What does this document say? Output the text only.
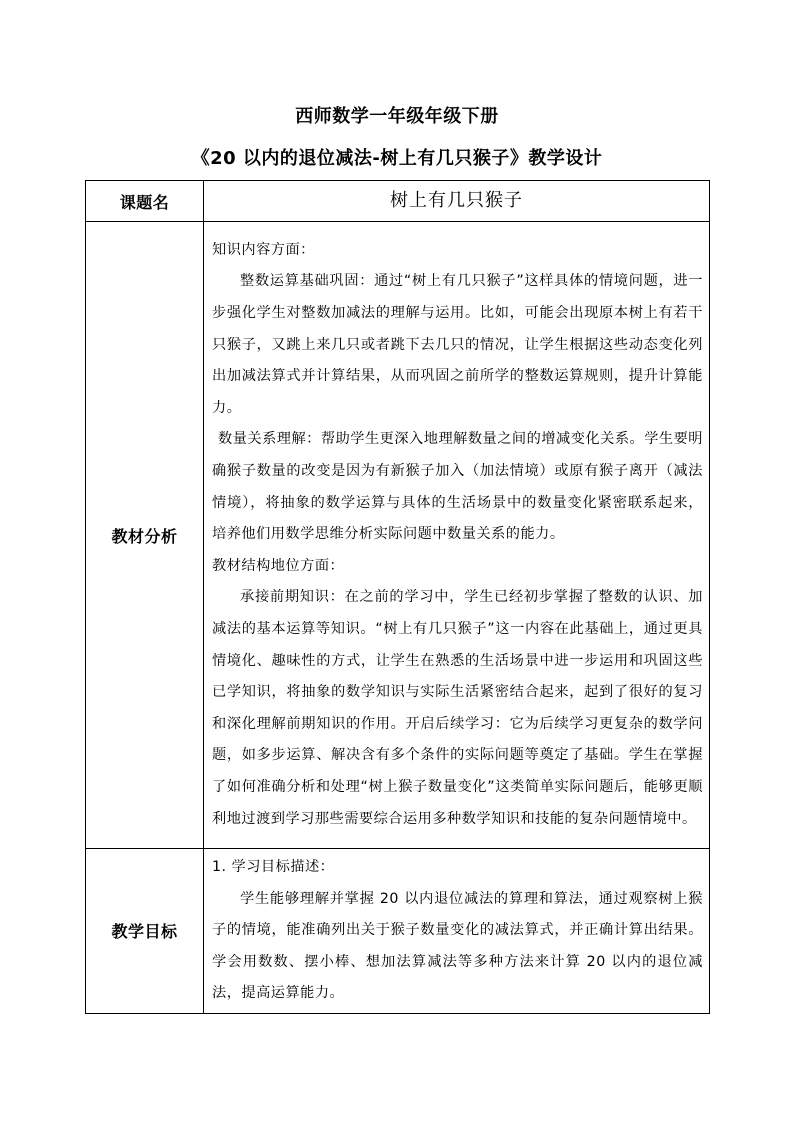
西师数学一年级年级下册
《20 以内的退位减法-树上有几只猴子》教学设计
课题名	树上有几只猴子
教材分析	知识内容方面：

整数运算基础巩固：通过“树上有几只猴子”这样具体的情境问题，进一步强化学生对整数加减法的理解与运用。比如，可能会出现原本树上有若干只猴子，又跳上来几只或者跳下去几只的情况，让学生根据这些动态变化列出加减法算式并计算结果，从而巩固之前所学的整数运算规则，提升计算能力。

数量关系理解：帮助学生更深入地理解数量之间的增减变化关系。学生要明确猴子数量的改变是因为有新猴子加入（加法情境）或原有猴子离开（减法情境），将抽象的数学运算与具体的生活场景中的数量变化紧密联系起来，培养他们用数学思维分析实际问题中数量关系的能力。

教材结构地位方面：

承接前期知识：在之前的学习中，学生已经初步掌握了整数的认识、加减法的基本运算等知识。“树上有几只猴子”这一内容在此基础上，通过更具情境化、趣味性的方式，让学生在熟悉的生活场景中进一步运用和巩固这些已学知识，将抽象的数学知识与实际生活紧密结合起来，起到了很好的复习和深化理解前期知识的作用。开启后续学习：它为后续学习更复杂的数学问题，如多步运算、解决含有多个条件的实际问题等奠定了基础。学生在掌握了如何准确分析和处理“树上猴子数量变化”这类简单实际问题后，能够更顺利地过渡到学习那些需要综合运用多种数学知识和技能的复杂问题情境中。

教学目标	1. 学习目标描述：

学生能够理解并掌握 20 以内退位减法的算理和算法，通过观察树上猴子的情境，能准确列出关于猴子数量变化的减法算式，并正确计算出结果。学会用数数、摆小棒、想加法算减法等多种方法来计算 20 以内的退位减法，提高运算能力。
